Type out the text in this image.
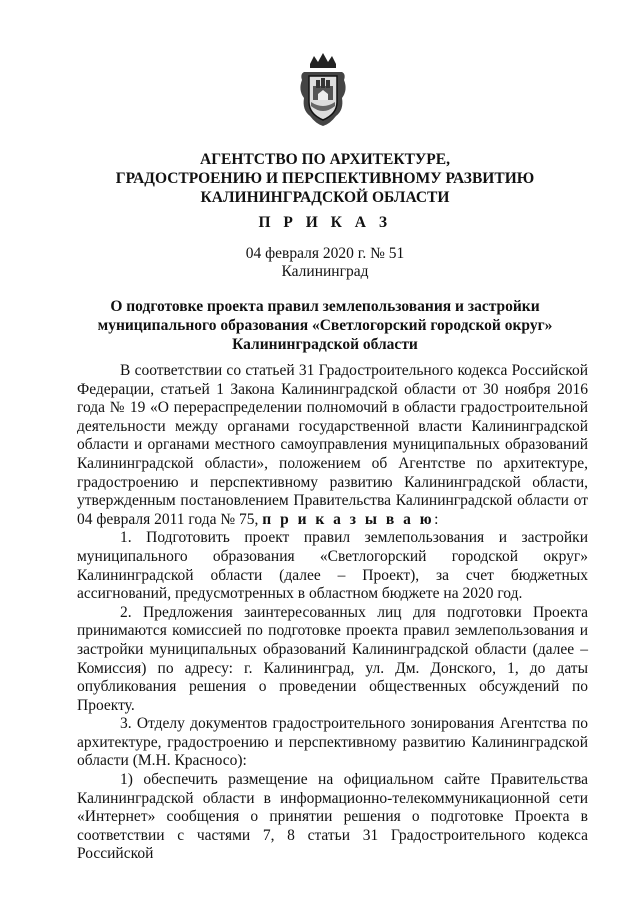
АГЕНТСТВО ПО АРХИТЕКТУРЕ,
ГРАДОСТРОЕНИЮ И ПЕРСПЕКТИВНОМУ РАЗВИТИЮ
КАЛИНИНГРАДСКОЙ ОБЛАСТИ
П Р И К А З
04 февраля 2020 г. № 51
Калининград
О подготовке проекта правил землепользования и застройки
муниципального образования «Светлогорский городской округ»
Калининградской области

В соответствии со статьей 31 Градостроительного кодекса Российской Федерации, статьей 1 Закона Калининградской области от 30 ноября 2016 года № 19 «О перераспределении полномочий в области градостроительной деятельности между органами государственной власти Калининградской области и органами местного самоуправления муниципальных образований Калининградской области», положением об Агентстве по архитектуре, градостроению и перспективному развитию Калининградской области, утвержденным постановлением Правительства Калининградской области от 04 февраля 2011 года № 75, п р и к а з ы в а ю:

1. Подготовить проект правил землепользования и застройки муниципального образования «Светлогорский городской округ» Калининградской области (далее – Проект), за счет бюджетных ассигнований, предусмотренных в областном бюджете на 2020 год.

2. Предложения заинтересованных лиц для подготовки Проекта принимаются комиссией по подготовке проекта правил землепользования и застройки муниципальных образований Калининградской области (далее – Комиссия) по адресу: г. Калининград, ул. Дм. Донского, 1, до даты опубликования решения о проведении общественных обсуждений по Проекту.

3. Отделу документов градостроительного зонирования Агентства по архитектуре, градостроению и перспективному развитию Калининградской области (М.Н. Красносо):

1) обеспечить размещение на официальном сайте Правительства Калининградской области в информационно-телекоммуникационной сети «Интернет» сообщения о принятии решения о подготовке Проекта в соответствии с частями 7, 8 статьи 31 Градостроительного кодекса Российской
